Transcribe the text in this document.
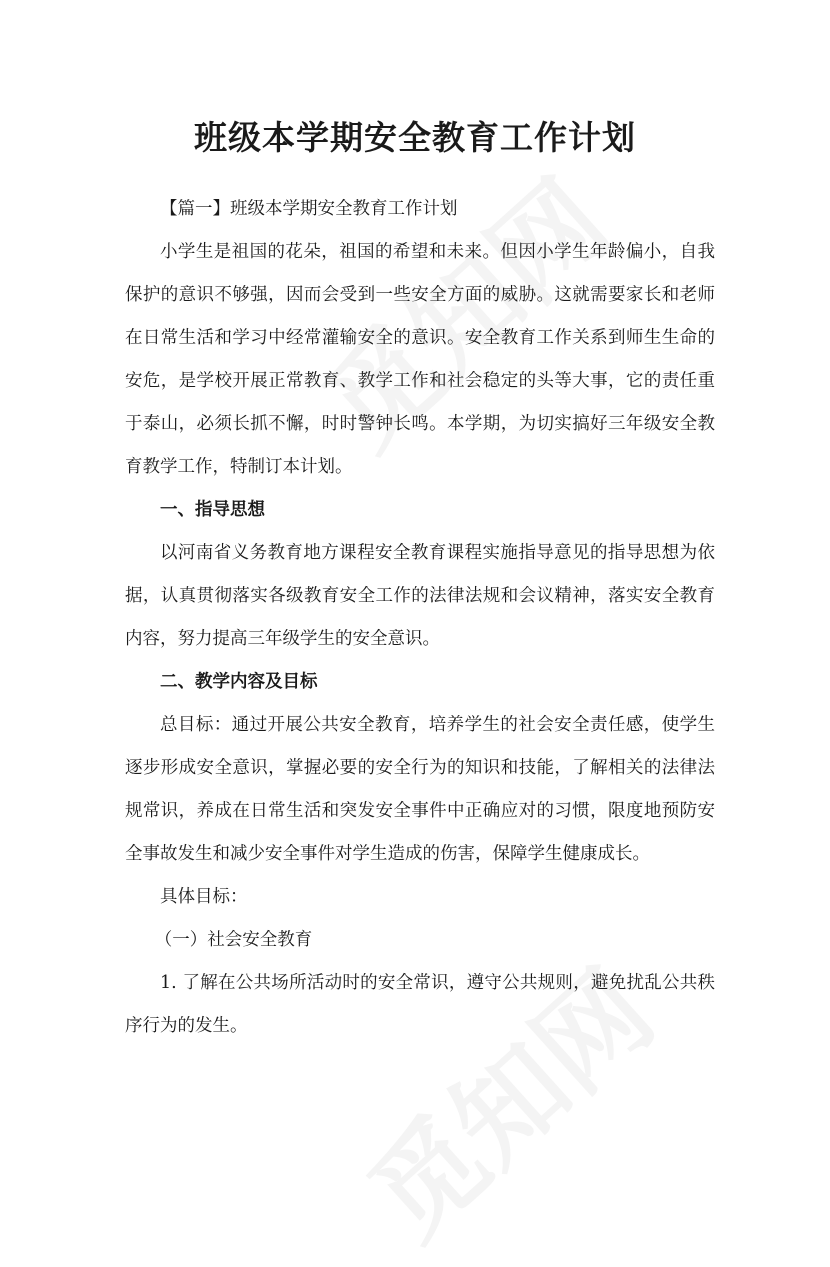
班级本学期安全教育工作计划

【篇一】班级本学期安全教育工作计划

小学生是祖国的花朵，祖国的希望和未来。但因小学生年龄偏小，自我保护的意识不够强，因而会受到一些安全方面的威胁。这就需要家长和老师在日常生活和学习中经常灌输安全的意识。安全教育工作关系到师生生命的安危，是学校开展正常教育、教学工作和社会稳定的头等大事，它的责任重于泰山，必须长抓不懈，时时警钟长鸣。本学期，为切实搞好三年级安全教育教学工作，特制订本计划。

一、指导思想

以河南省义务教育地方课程安全教育课程实施指导意见的指导思想为依据，认真贯彻落实各级教育安全工作的法律法规和会议精神，落实安全教育内容，努力提高三年级学生的安全意识。

二、教学内容及目标

总目标：通过开展公共安全教育，培养学生的社会安全责任感，使学生逐步形成安全意识，掌握必要的安全行为的知识和技能，了解相关的法律法规常识，养成在日常生活和突发安全事件中正确应对的习惯，限度地预防安全事故发生和减少安全事件对学生造成的伤害，保障学生健康成长。

具体目标：

（一）社会安全教育

1. 了解在公共场所活动时的安全常识，遵守公共规则，避免扰乱公共秩序行为的发生。
